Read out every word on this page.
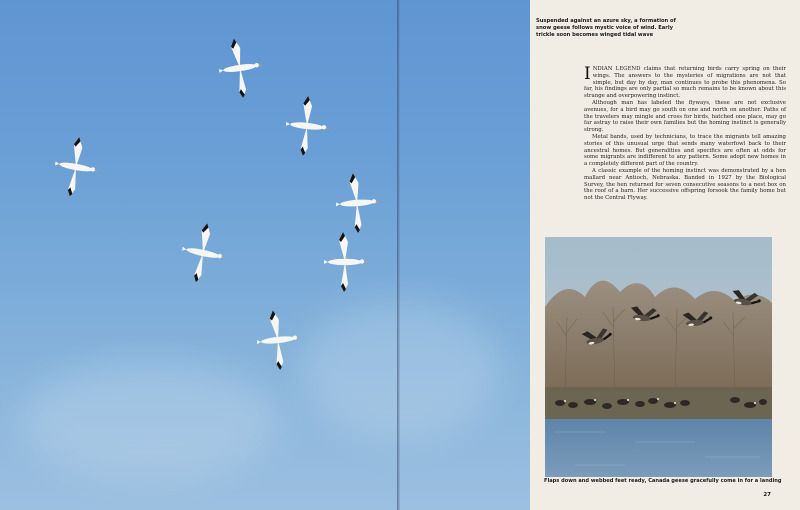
Suspended against an azure sky, a formation of snow geese follows mystic voice of wind. Early trickle soon becomes winged tidal wave

INDIAN LEGEND claims that returning birds carry spring on their wings. The answers to the mysteries of migrations are not that simple, but day by day, man continues to probe this phenomena. So far, his findings are only partial so much remains to be known about this strange and overpowering instinct.

Although man has labeled the flyways, these are not exclusive avenues, for a bird may go south on one and north on another. Paths of the travelers may mingle and cross for birds, hatched one place, may go far astray to raise their own families but the homing instinct is generally strong.

Metal bands, used by technicians, to trace the migrants tell amazing stories of this unusual urge that sends many waterfowl back to their ancestral homes. But generalities and specifics are often at odds for some migrants are indifferent to any pattern. Some adopt new homes in a completely different part of the country.

A classic example of the homing instinct was demonstrated by a hen mallard near Antioch, Nebraska. Banded in 1927 by the Biological Survey, the hen returned for seven consecutive seasons to a nest box on the roof of a barn. Her successive offspring forsook the family home but not the Central Flyway.

Flaps down and webbed feet ready, Canada geese gracefully come in for a landing

27
